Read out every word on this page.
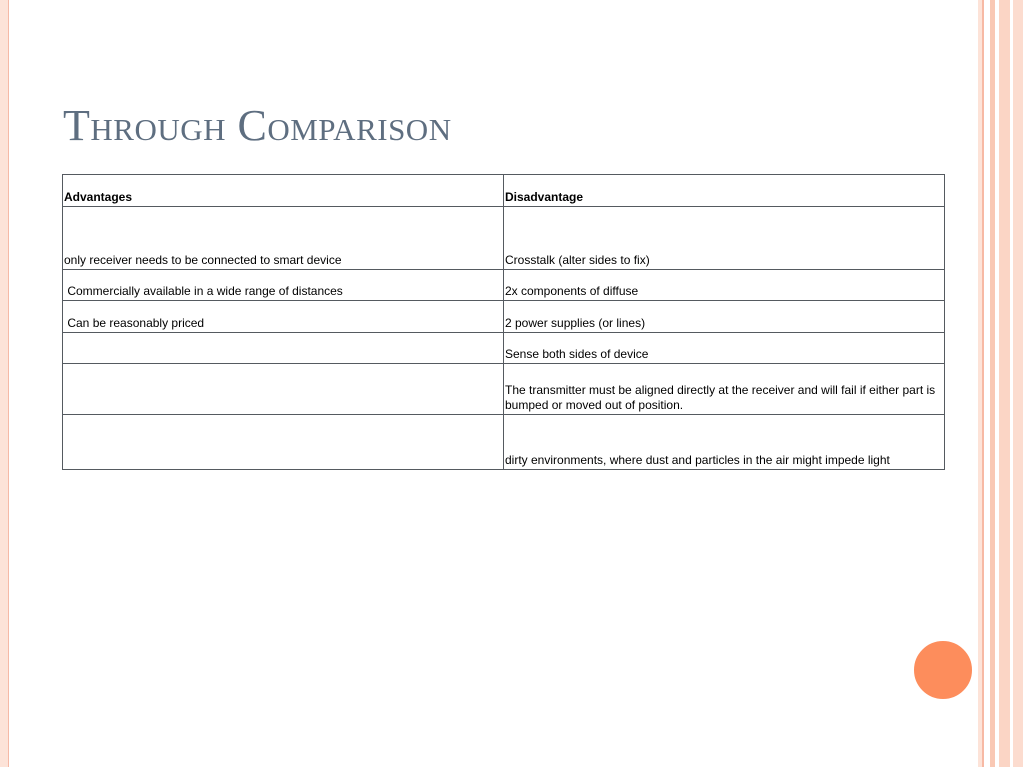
Through Comparison
Advantages	Disadvantage
only receiver needs to be connected to smart device	Crosstalk (alter sides to fix)
Commercially available in a wide range of distances	2x components of diffuse
Can be reasonably priced	2 power supplies (or lines)
	Sense both sides of device
	The transmitter must be aligned directly at the receiver and will fail if either part is bumped or moved out of position.
	dirty environments, where dust and particles in the air might impede light
